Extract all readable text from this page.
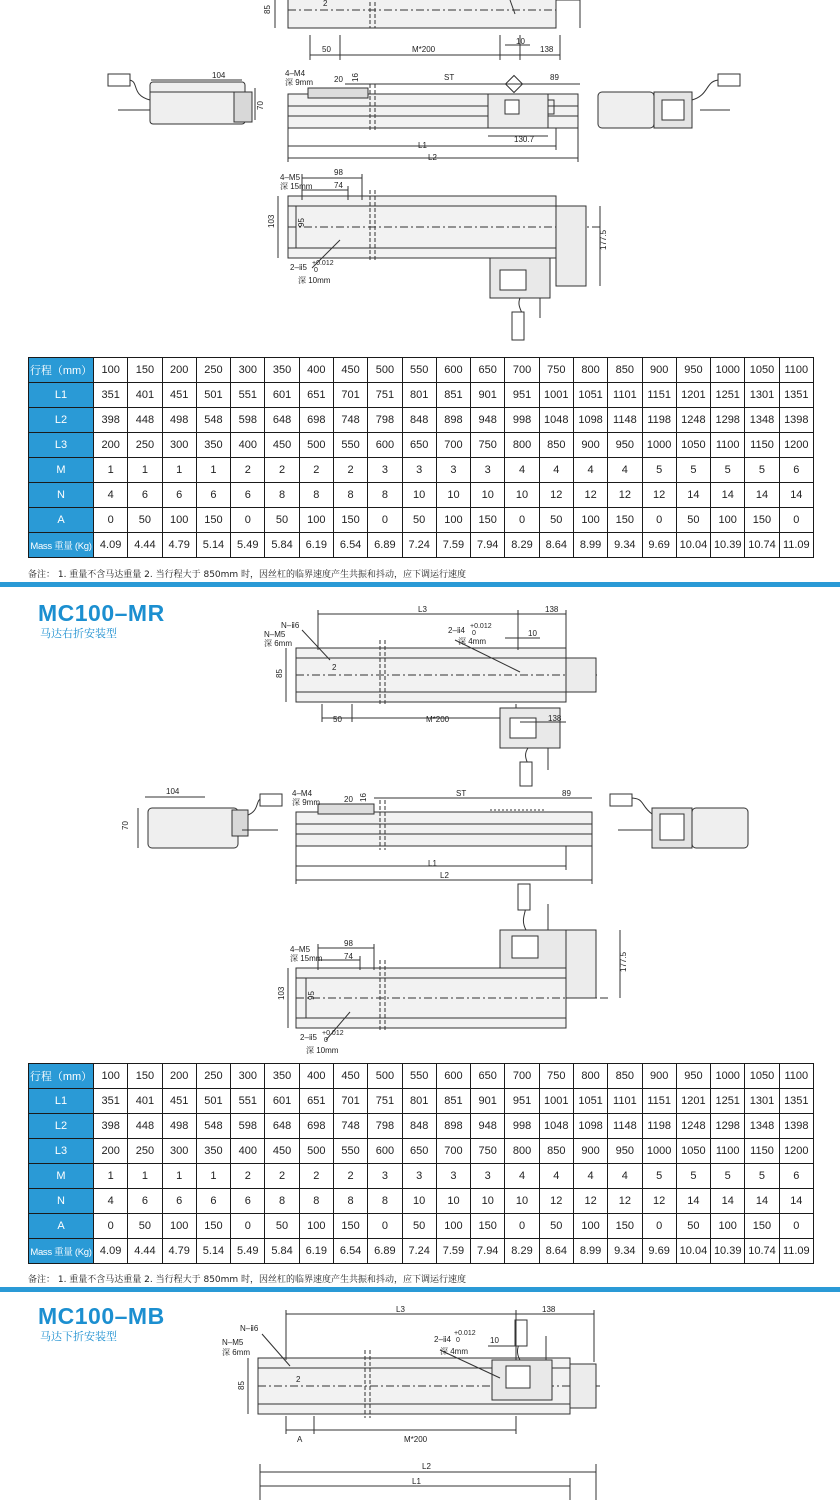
85
2
50	M*200
10
138
104
70
4–M4
深 9mm	20 16	ST	89
130.7
L1
L2
4–M5
深 15mm
98
74
103	95
2–ⅱ5 +0.012
0
深 10mm
177.5
行程（mm）	100	150	200	250	300	350	400	450	500	550	600	650	700	750	800	850	900	950	1000	1050	1100
L1	351	401	451	501	551	601	651	701	751	801	851	901	951	1001	1051	1101	1151	1201	1251	1301	1351
L2	398	448	498	548	598	648	698	748	798	848	898	948	998	1048	1098	1148	1198	1248	1298	1348	1398
L3	200	250	300	350	400	450	500	550	600	650	700	750	800	850	900	950	1000	1050	1100	1150	1200
M	1	1	1	1	2	2	2	2	3	3	3	3	4	4	4	4	5	5	5	5	6
N	4	6	6	6	6	8	8	8	8	10	10	10	10	12	12	12	12	14	14	14	14
A	0	50	100	150	0	50	100	150	0	50	100	150	0	50	100	150	0	50	100	150	0
Mass 重量 (Kg)	4.09	4.44	4.79	5.14	5.49	5.84	6.19	6.54	6.89	7.24	7.59	7.94	8.29	8.64	8.99	9.34	9.69	10.04	10.39	10.74	11.09
备注： 1. 重量不含马达重量 2. 当行程大于 850mm 时，因丝杠的临界速度产生共振和抖动，应下调运行速度
MC100–MR
马达右折安装型
L3	138
N–ⅱ6
N–M5
深 6mm
2–ⅱ4 +0.012
0
深 4mm
10
2
85
50	M*200	138
104
70
4–M4
深 9mm	20 16	ST	89
L1
L2
4–M5
深 15mm
98
74
103	95
2–ⅱ5 +0.012
0
深 10mm
177.5
行程（mm）	100	150	200	250	300	350	400	450	500	550	600	650	700	750	800	850	900	950	1000	1050	1100
L1	351	401	451	501	551	601	651	701	751	801	851	901	951	1001	1051	1101	1151	1201	1251	1301	1351
L2	398	448	498	548	598	648	698	748	798	848	898	948	998	1048	1098	1148	1198	1248	1298	1348	1398
L3	200	250	300	350	400	450	500	550	600	650	700	750	800	850	900	950	1000	1050	1100	1150	1200
M	1	1	1	1	2	2	2	2	3	3	3	3	4	4	4	4	5	5	5	5	6
N	4	6	6	6	6	8	8	8	8	10	10	10	10	12	12	12	12	14	14	14	14
A	0	50	100	150	0	50	100	150	0	50	100	150	0	50	100	150	0	50	100	150	0
Mass 重量 (Kg)	4.09	4.44	4.79	5.14	5.49	5.84	6.19	6.54	6.89	7.24	7.59	7.94	8.29	8.64	8.99	9.34	9.69	10.04	10.39	10.74	11.09
备注： 1. 重量不含马达重量 2. 当行程大于 850mm 时，因丝杠的临界速度产生共振和抖动，应下调运行速度
MC100–MB
马达下折安装型
L3	138
N–ⅱ6
N–M5
深 6mm
2–ⅱ4
+0.012
0
深 4mm
10
2
85
A	M*200
L2
L1
